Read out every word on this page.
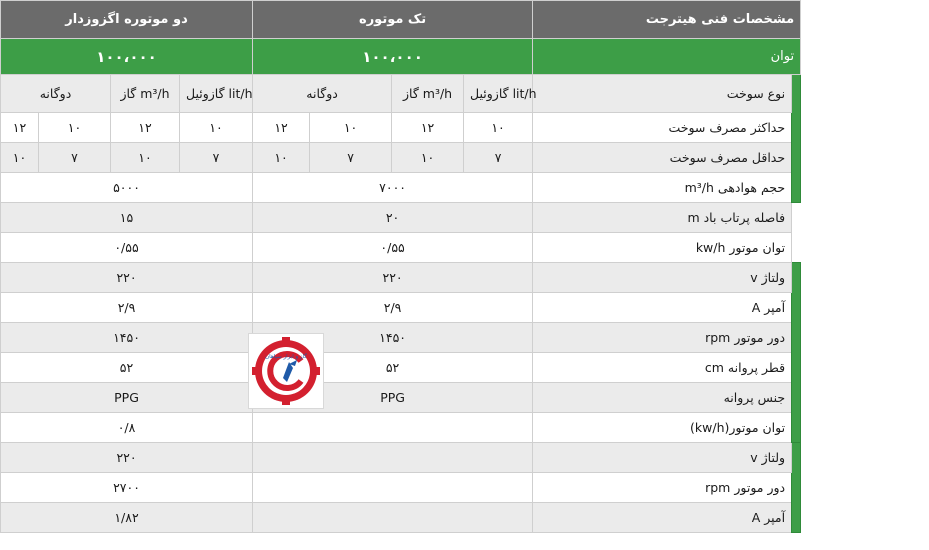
دو موتوره اگزوزدار				تک موتوره				مشخصات فنی هیترجت	
۱۰۰،۰۰۰				۱۰۰،۰۰۰				توان	
دوگانه		گاز m³/h	گازوئیل lit/h	دوگانه		گاز m³/h	گازوئیل lit/h	نوع سوخت	عملکرد
۱۲	۱۰	۱۲	۱۰	۱۲	۱۰	۱۲	۱۰	حداکثر مصرف سوخت	
۱۰	۷	۱۰	۷	۱۰	۷	۱۰	۷	حداقل مصرف سوخت	
۵۰۰۰				۷۰۰۰				حجم هوادهی m³/h	
۱۵				۲۰				فاصله پرتاب باد m	
۰/۵۵				۰/۵۵				توان موتور kw/h	
۲۲۰				۲۲۰				ولتاژ v	مشخصات موتور دمنده
۲/۹				۲/۹				آمپر A	
۱۴۵۰				۱۴۵۰				دور موتور rpm	
۵۲				۵۲				قطر پروانه cm	
PPG				PPG				جنس پروانه	
۰/۸								توان موتور(kw/h)	
۲۲۰								ولتاژ v	مشخصات موتور مکنده

۲۷۰۰								دور موتور rpm	
۱/۸۲								آمپر A	
گاز و ابزار سپاهان
